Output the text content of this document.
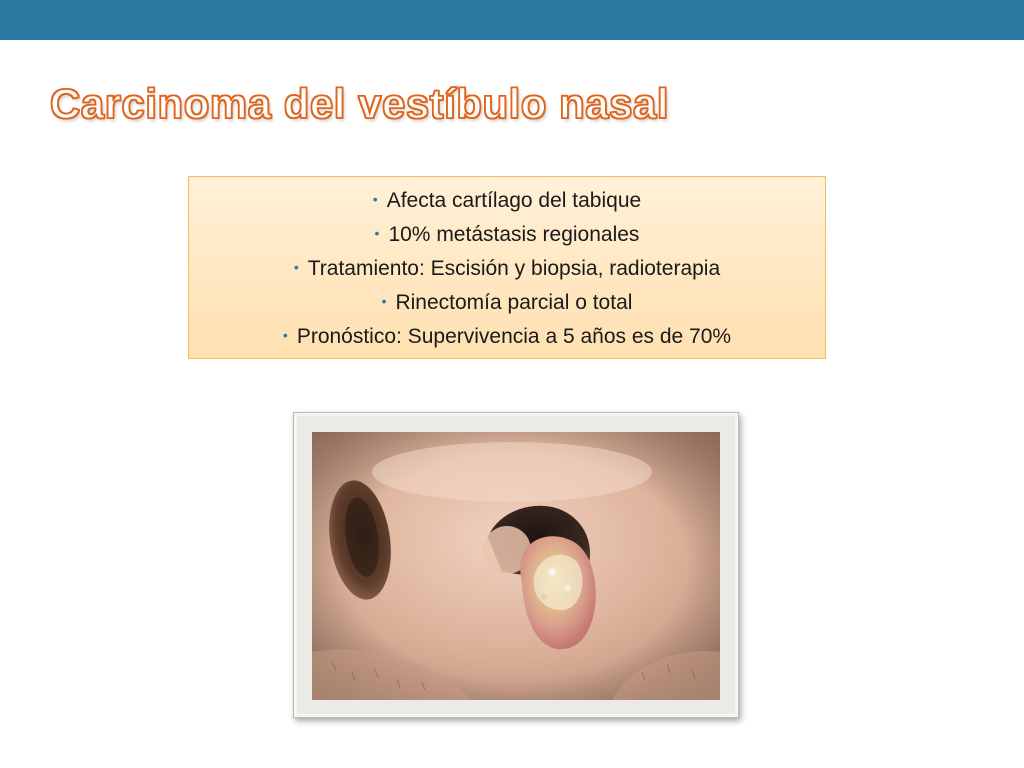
Carcinoma del vestíbulo nasal
• Afecta cartílago del tabique
• 10% metástasis regionales
• Tratamiento: Escisión y biopsia, radioterapia
• Rinectomía parcial o total
• Pronóstico: Supervivencia a 5 años es de 70%
